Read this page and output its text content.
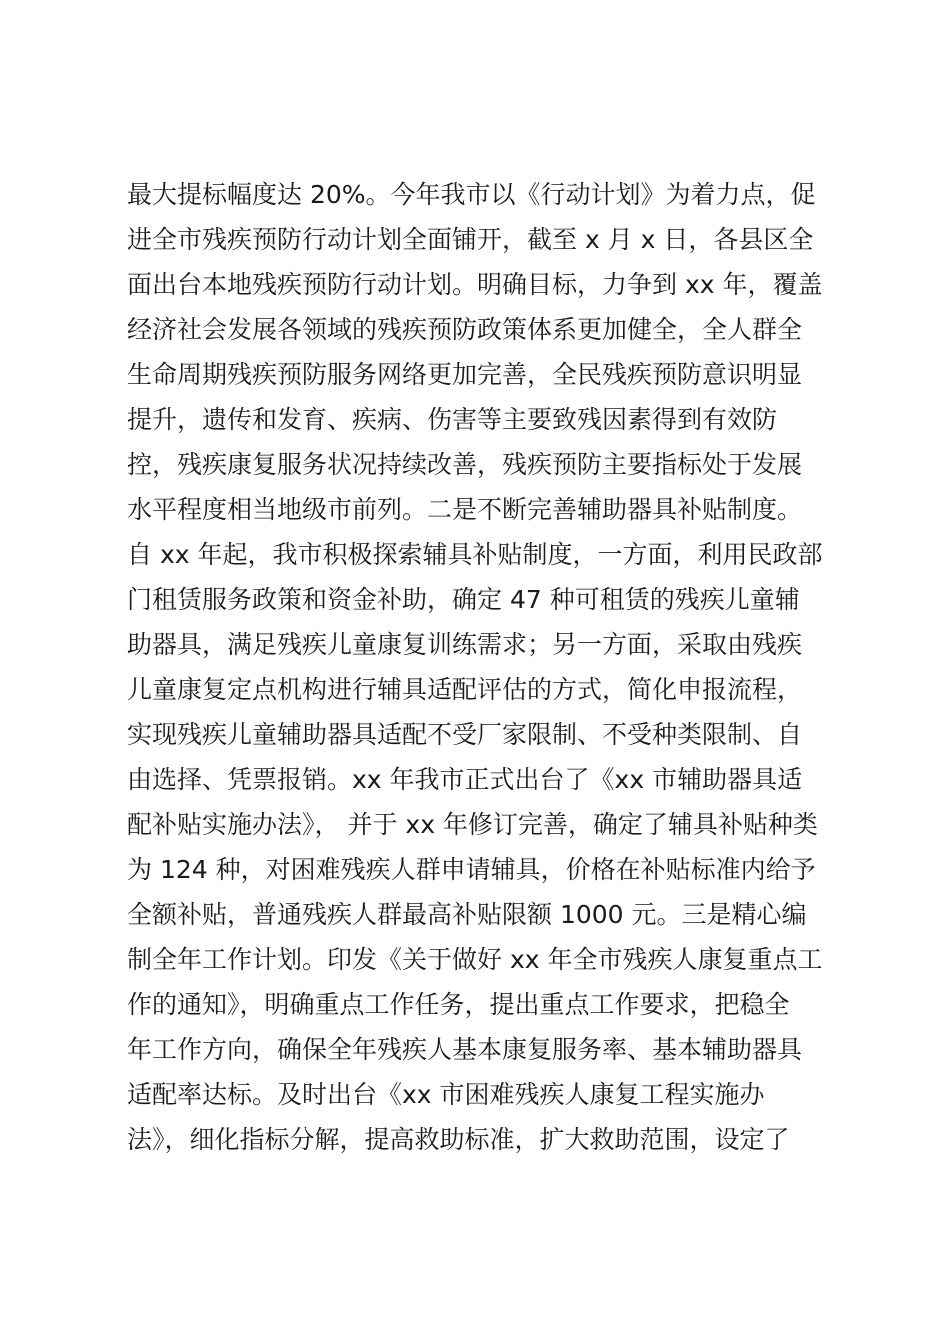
最大提标幅度达 20%。今年我市以《行动计划》为着力点，促
进全市残疾预防行动计划全面铺开，截至 x 月 x 日，各县区全
面出台本地残疾预防行动计划。明确目标，力争到 xx 年，覆盖
经济社会发展各领域的残疾预防政策体系更加健全，全人群全
生命周期残疾预防服务网络更加完善，全民残疾预防意识明显
提升，遗传和发育、疾病、伤害等主要致残因素得到有效防
控，残疾康复服务状况持续改善，残疾预防主要指标处于发展
水平程度相当地级市前列。二是不断完善辅助器具补贴制度。
自 xx 年起，我市积极探索辅具补贴制度，一方面，利用民政部
门租赁服务政策和资金补助，确定 47 种可租赁的残疾儿童辅
助器具，满足残疾儿童康复训练需求；另一方面，采取由残疾
儿童康复定点机构进行辅具适配评估的方式，简化申报流程，
实现残疾儿童辅助器具适配不受厂家限制、不受种类限制、自
由选择、凭票报销。xx 年我市正式出台了《xx 市辅助器具适
配补贴实施办法》， 并于 xx 年修订完善，确定了辅具补贴种类
为 124 种，对困难残疾人群申请辅具，价格在补贴标准内给予
全额补贴，普通残疾人群最高补贴限额 1000 元。三是精心编
制全年工作计划。印发《关于做好 xx 年全市残疾人康复重点工
作的通知》，明确重点工作任务，提出重点工作要求，把稳全
年工作方向，确保全年残疾人基本康复服务率、基本辅助器具
适配率达标。及时出台《xx 市困难残疾人康复工程实施办
法》，细化指标分解，提高救助标准，扩大救助范围，设定了
